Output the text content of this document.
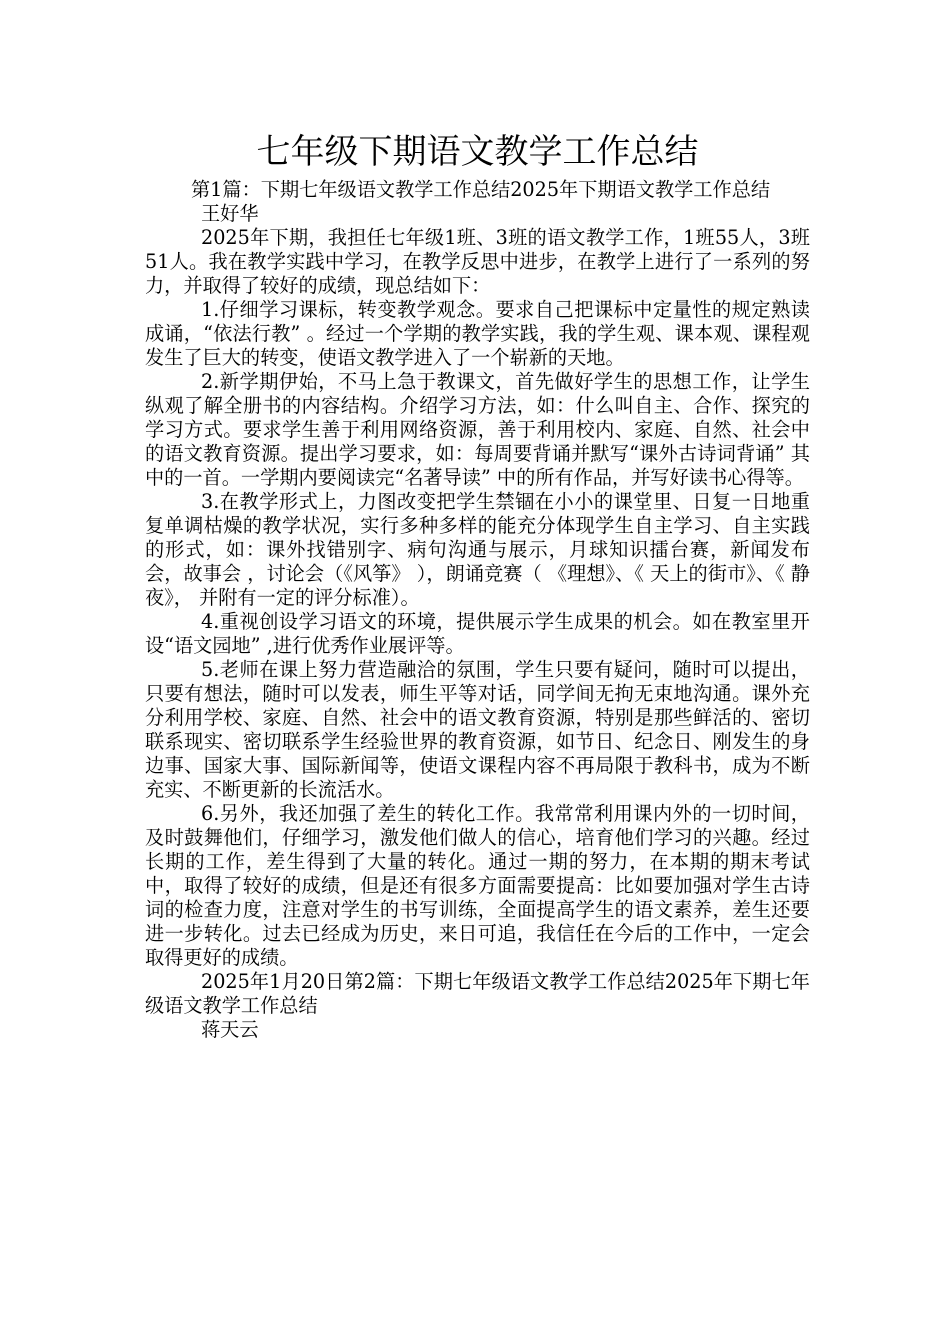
七年级下期语文教学工作总结

第1篇：下期七年级语文教学工作总结2025年下期语文教学工作总结

王好华

2025年下期，我担任七年级1班、3班的语文教学工作，1班55人，3班51人。我在教学实践中学习，在教学反思中进步，在教学上进行了一系列的努力，并取得了较好的成绩，现总结如下：

1.仔细学习课标，转变教学观念。要求自己把课标中定量性的规定熟读成诵，“依法行教” 。经过一个学期的教学实践，我的学生观、课本观、课程观发生了巨大的转变，使语文教学进入了一个崭新的天地。

2.新学期伊始，不马上急于教课文，首先做好学生的思想工作，让学生纵观了解全册书的内容结构。介绍学习方法，如：什么叫自主、合作、探究的学习方式。要求学生善于利用网络资源，善于利用校内、家庭、自然、社会中的语文教育资源。提出学习要求，如：每周要背诵并默写“课外古诗词背诵” 其中的一首。一学期内要阅读完“名著导读” 中的所有作品，并写好读书心得等。

3.在教学形式上，力图改变把学生禁锢在小小的课堂里、日复一日地重复单调枯燥的教学状况，实行多种多样的能充分体现学生自主学习、自主实践的形式，如：课外找错别字、病句沟通与展示，月球知识擂台赛，新闻发布会，故事会 ，讨论会（《风筝》 ），朗诵竞赛（ 《理想》、《 天上的街市》、《 静夜》， 并附有一定的评分标准）。

4.重视创设学习语文的环境，提供展示学生成果的机会。如在教室里开设“语文园地” ,进行优秀作业展评等。

5.老师在课上努力营造融洽的氛围，学生只要有疑问，随时可以提出，只要有想法，随时可以发表，师生平等对话，同学间无拘无束地沟通。课外充分利用学校、家庭、自然、社会中的语文教育资源，特别是那些鲜活的、密切联系现实、密切联系学生经验世界的教育资源，如节日、纪念日、刚发生的身边事、国家大事、国际新闻等，使语文课程内容不再局限于教科书，成为不断充实、不断更新的长流活水。

6.另外，我还加强了差生的转化工作。我常常利用课内外的一切时间，及时鼓舞他们，仔细学习，激发他们做人的信心，培育他们学习的兴趣。经过长期的工作，差生得到了大量的转化。通过一期的努力，在本期的期末考试中，取得了较好的成绩，但是还有很多方面需要提高：比如要加强对学生古诗词的检查力度，注意对学生的书写训练，全面提高学生的语文素养，差生还要进一步转化。过去已经成为历史，来日可追，我信任在今后的工作中，一定会取得更好的成绩。

2025年1月20日第2篇：下期七年级语文教学工作总结2025年下期七年级语文教学工作总结

蒋天云
